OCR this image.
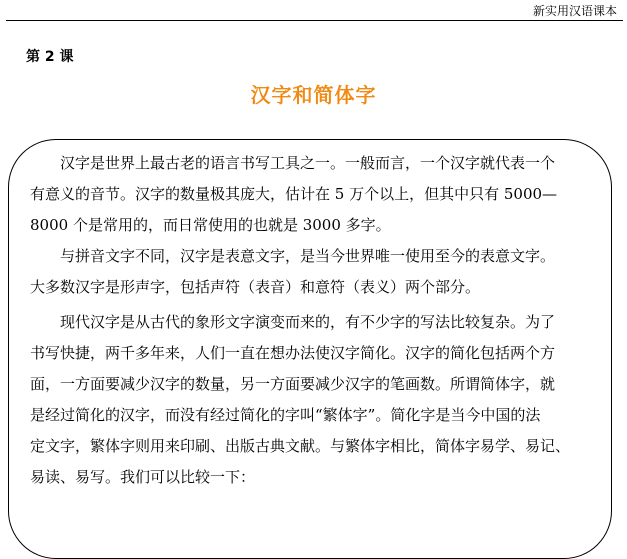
新实用汉语课本
第 2 课
汉字和简体字
汉字是世界上最古老的语言书写工具之一。一般而言，一个汉字就代表一个
有意义的音节。汉字的数量极其庞大，估计在 5 万个以上，但其中只有 5000—
8000 个是常用的，而日常使用的也就是 3000 多字。
与拼音文字不同，汉字是表意文字，是当今世界唯一使用至今的表意文字。
大多数汉字是形声字，包括声符（表音）和意符（表义）两个部分。
现代汉字是从古代的象形文字演变而来的，有不少字的写法比较复杂。为了
书写快捷，两千多年来，人们一直在想办法使汉字简化。汉字的简化包括两个方
面，一方面要减少汉字的数量，另一方面要减少汉字的笔画数。所谓简体字，就
是经过简化的汉字，而没有经过简化的字叫“繁体字”。简化字是当今中国的法
定文字，繁体字则用来印刷、出版古典文献。与繁体字相比，简体字易学、易记、
易读、易写。我们可以比较一下：
